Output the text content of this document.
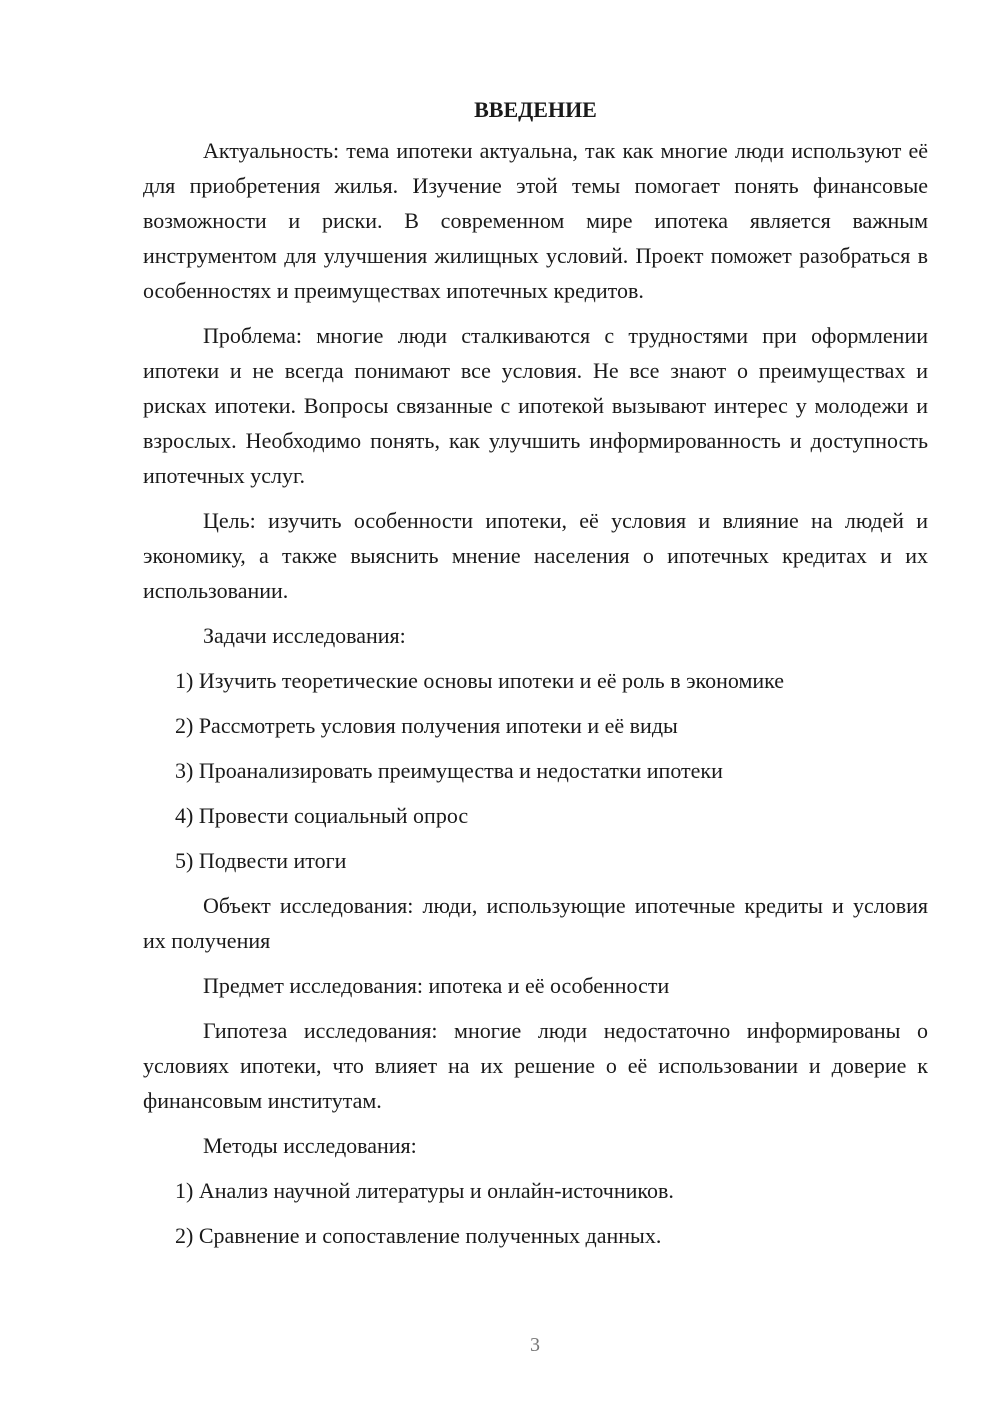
ВВЕДЕНИЕ

Актуальность: тема ипотеки актуальна, так как многие люди используют её для приобретения жилья. Изучение этой темы помогает понять финансовые возможности и риски. В современном мире ипотека является важным инструментом для улучшения жилищных условий. Проект поможет разобраться в особенностях и преимуществах ипотечных кредитов.

Проблема: многие люди сталкиваются с трудностями при оформлении ипотеки и не всегда понимают все условия. Не все знают о преимуществах и рисках ипотеки. Вопросы связанные с ипотекой вызывают интерес у молодежи и взрослых. Необходимо понять, как улучшить информированность и доступность ипотечных услуг.

Цель: изучить особенности ипотеки, её условия и влияние на людей и экономику, а также выяснить мнение населения о ипотечных кредитах и их использовании.

Задачи исследования:

1) Изучить теоретические основы ипотеки и её роль в экономике
2) Рассмотреть условия получения ипотеки и её виды
3) Проанализировать преимущества и недостатки ипотеки
4) Провести социальный опрос
5) Подвести итоги

Объект исследования: люди, использующие ипотечные кредиты и условия их получения

Предмет исследования: ипотека и её особенности

Гипотеза исследования: многие люди недостаточно информированы о условиях ипотеки, что влияет на их решение о её использовании и доверие к финансовым институтам.

Методы исследования:

1) Анализ научной литературы и онлайн-источников.
2) Сравнение и сопоставление полученных данных.
3
